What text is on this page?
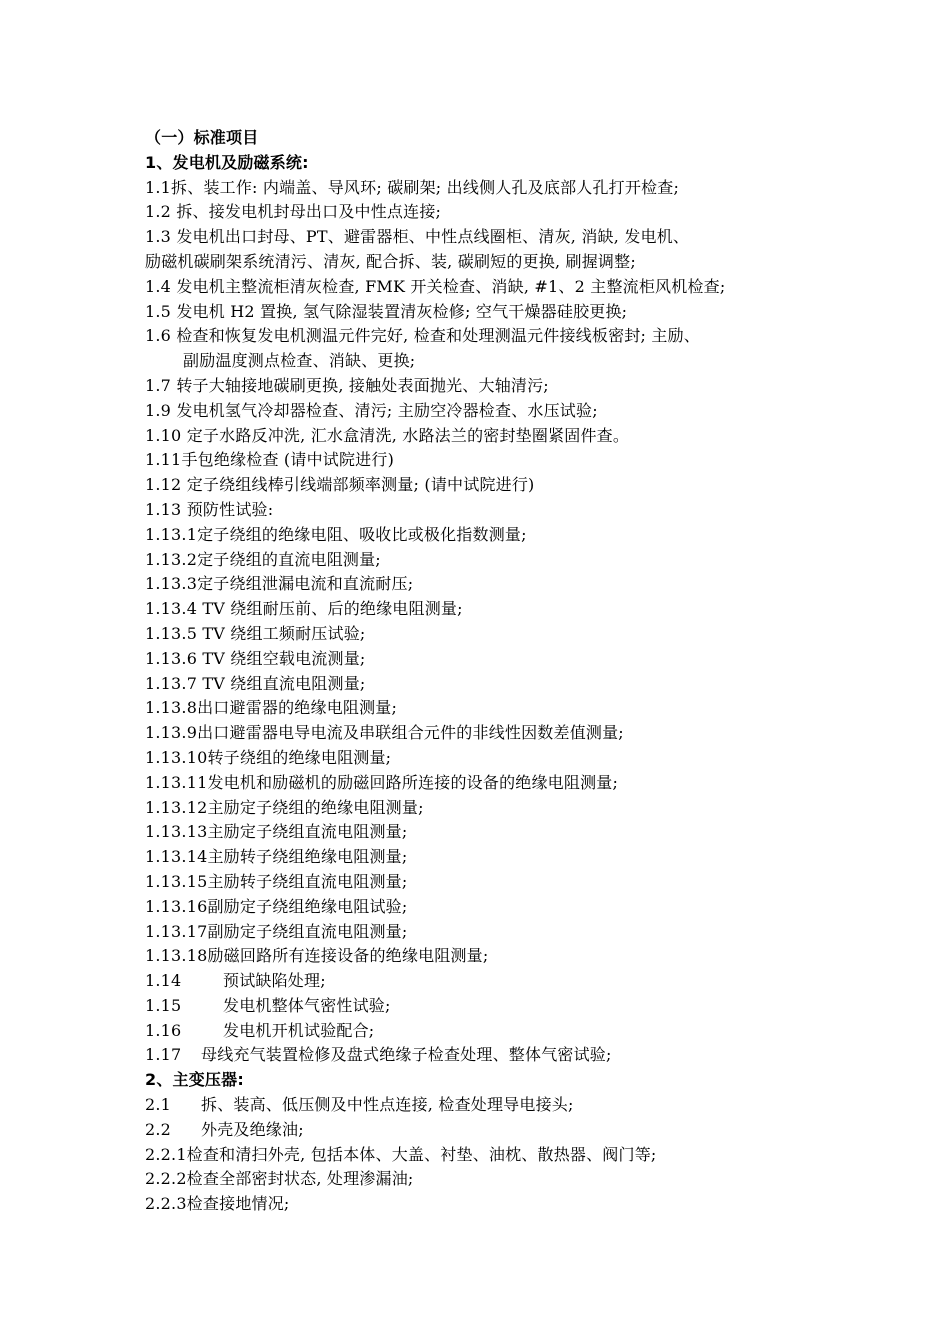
（一）标准项目
1、发电机及励磁系统:
1.1拆、装工作: 内端盖、导风环; 碳刷架; 出线侧人孔及底部人孔打开检查;
1.2 拆、接发电机封母出口及中性点连接;
1.3 发电机出口封母、PT、避雷器柜、中性点线圈柜、清灰, 消缺, 发电机、
励磁机碳刷架系统清污、清灰, 配合拆、装, 碳刷短的更换, 刷握调整;
1.4 发电机主整流柜清灰检查, FMK 开关检查、消缺, #1、2 主整流柜风机检查;
1.5 发电机 H2 置换, 氢气除湿装置清灰检修; 空气干燥器硅胶更换;
1.6 检查和恢复发电机测温元件完好, 检查和处理测温元件接线板密封; 主励、
副励温度测点检查、消缺、更换;
1.7 转子大轴接地碳刷更换, 接触处表面抛光、大轴清污;
1.9 发电机氢气冷却器检查、清污; 主励空冷器检查、水压试验;
1.10 定子水路反冲洗, 汇水盒清洗, 水路法兰的密封垫圈紧固件查。
1.11手包绝缘检查 (请中试院进行)
1.12 定子绕组线棒引线端部频率测量; (请中试院进行)
1.13 预防性试验:
1.13.1定子绕组的绝缘电阻、吸收比或极化指数测量;
1.13.2定子绕组的直流电阻测量;
1.13.3定子绕组泄漏电流和直流耐压;
1.13.4 TV 绕组耐压前、后的绝缘电阻测量;
1.13.5 TV 绕组工频耐压试验;
1.13.6 TV 绕组空载电流测量;
1.13.7 TV 绕组直流电阻测量;
1.13.8出口避雷器的绝缘电阻测量;
1.13.9出口避雷器电导电流及串联组合元件的非线性因数差值测量;
1.13.10转子绕组的绝缘电阻测量;
1.13.11发电机和励磁机的励磁回路所连接的设备的绝缘电阻测量;
1.13.12主励定子绕组的绝缘电阻测量;
1.13.13主励定子绕组直流电阻测量;
1.13.14主励转子绕组绝缘电阻测量;
1.13.15主励转子绕组直流电阻测量;
1.13.16副励定子绕组绝缘电阻试验;
1.13.17副励定子绕组直流电阻测量;
1.13.18励磁回路所有连接设备的绝缘电阻测量;
1.14	预试缺陷处理;
1.15	发电机整体气密性试验;
1.16	发电机开机试验配合;
1.17 母线充气装置检修及盘式绝缘子检查处理、整体气密试验;
2、主变压器:
2.1 拆、装高、低压侧及中性点连接, 检查处理导电接头;
2.2 外壳及绝缘油;
2.2.1检查和清扫外壳, 包括本体、大盖、衬垫、油枕、散热器、阀门等;
2.2.2检查全部密封状态, 处理渗漏油;
2.2.3检查接地情况;
